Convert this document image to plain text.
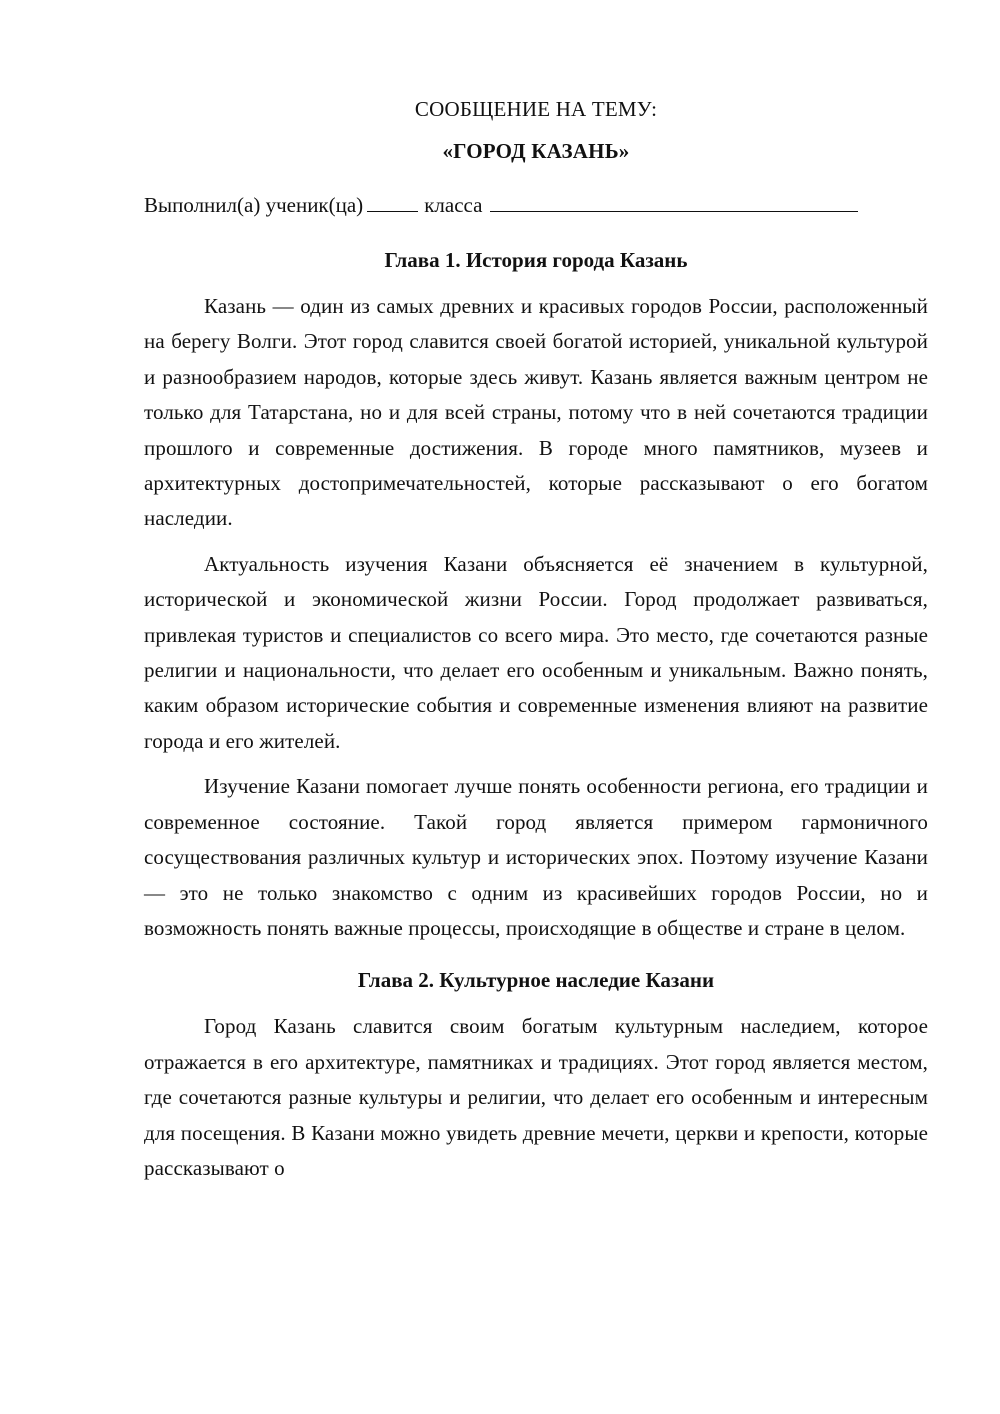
СООБЩЕНИЕ НА ТЕМУ:

«ГОРОД КАЗАНЬ»

Выполнил(а) ученик(ца)	класса

Глава 1. История города Казань

Казань — один из самых древних и красивых городов России, расположенный на берегу Волги. Этот город славится своей богатой историей, уникальной культурой и разнообразием народов, которые здесь живут. Казань является важным центром не только для Татарстана, но и для всей страны, потому что в ней сочетаются традиции прошлого и современные достижения. В городе много памятников, музеев и архитектурных достопримечательностей, которые рассказывают о его богатом наследии.

Актуальность изучения Казани объясняется её значением в культурной, исторической и экономической жизни России. Город продолжает развиваться, привлекая туристов и специалистов со всего мира. Это место, где сочетаются разные религии и национальности, что делает его особенным и уникальным. Важно понять, каким образом исторические события и современные изменения влияют на развитие города и его жителей.

Изучение Казани помогает лучше понять особенности региона, его традиции и современное состояние. Такой город является примером гармоничного сосуществования различных культур и исторических эпох. Поэтому изучение Казани — это не только знакомство с одним из красивейших городов России, но и возможность понять важные процессы, происходящие в обществе и стране в целом.

Глава 2. Культурное наследие Казани

Город Казань славится своим богатым культурным наследием, которое отражается в его архитектуре, памятниках и традициях. Этот город является местом, где сочетаются разные культуры и религии, что делает его особенным и интересным для посещения. В Казани можно увидеть древние мечети, церкви и крепости, которые рассказывают о
